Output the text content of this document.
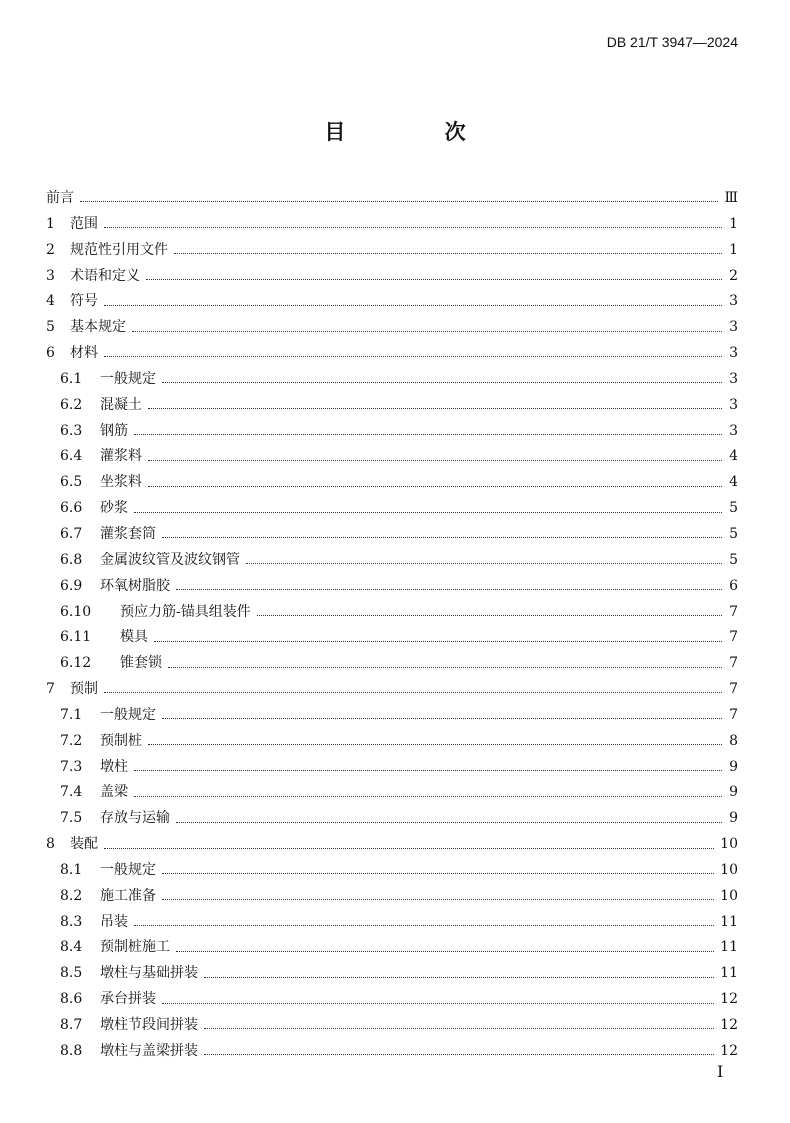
DB 21/T 3947—2024
目 次
前言	Ⅲ
1	范围	1
2	规范性引用文件	1
3	术语和定义	2
4	符号	3
5	基本规定	3
6	材料	3
6.1	一般规定	3
6.2	混凝土	3
6.3	钢筋	3
6.4	灌浆料	4
6.5	坐浆料	4
6.6	砂浆	5
6.7	灌浆套筒	5
6.8	金属波纹管及波纹钢管	5
6.9	环氧树脂胶	6
6.10	预应力筋-锚具组装件	7
6.11	模具	7
6.12	锥套锁	7
7	预制	7
7.1	一般规定	7
7.2	预制桩	8
7.3	墩柱	9
7.4	盖梁	9
7.5	存放与运输	9
8	装配	10
8.1	一般规定	10
8.2	施工准备	10
8.3	吊装	11
8.4	预制桩施工	11
8.5	墩柱与基础拼装	11
8.6	承台拼装	12
8.7	墩柱节段间拼装	12
8.8	墩柱与盖梁拼装	12
I
